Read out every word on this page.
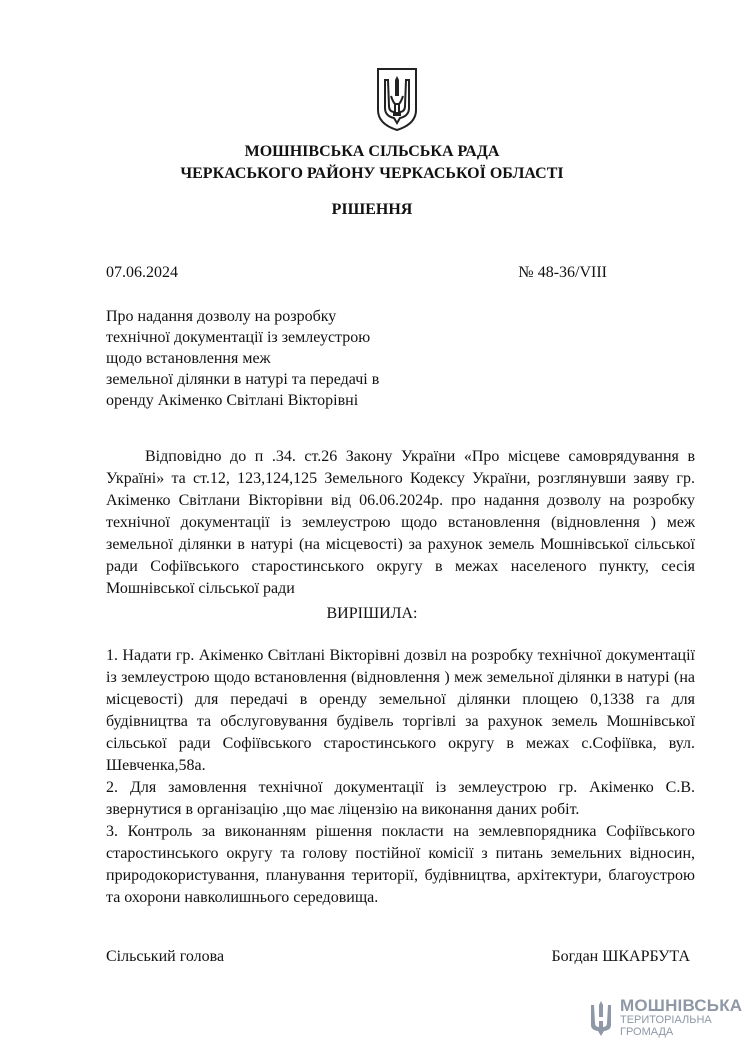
МОШНІВСЬКА СІЛЬСЬКА РАДА
ЧЕРКАСЬКОГО РАЙОНУ ЧЕРКАСЬКОЇ ОБЛАСТІ
РІШЕННЯ
07.06.2024	№ 48-36/VIII
Про надання дозволу на розробку
технічної документації із землеустрою
щодо встановлення меж
земельної ділянки в натурі та передачі в
оренду Акіменко Світлані Вікторівні
Відповідно до п .34. ст.26 Закону України «Про місцеве самоврядування в Україні» та ст.12, 123,124,125 Земельного Кодексу України, розглянувши заяву гр. Акіменко Світлани Вікторівни від 06.06.2024р. про надання дозволу на розробку технічної документації із землеустрою щодо встановлення (відновлення ) меж земельної ділянки в натурі (на місцевості) за рахунок земель Мошнівської сільської ради Софіївського старостинського округу в межах населеного пункту, сесія Мошнівської сільської ради
ВИРІШИЛА:

1. Надати гр. Акіменко Світлані Вікторівні дозвіл на розробку технічної документації із землеустрою щодо встановлення (відновлення ) меж земельної ділянки в натурі (на місцевості) для передачі в оренду земельної ділянки площею 0,1338 га для будівництва та обслуговування будівель торгівлі за рахунок земель Мошнівської сільської ради Софіївського старостинського округу в межах с.Софіївка, вул. Шевченка,58а.

2. Для замовлення технічної документації із землеустрою гр. Акіменко С.В. звернутися в організацію ,що має ліцензію на виконання даних робіт.

3. Контроль за виконанням рішення покласти на землевпорядника Софіївського старостинського округу та голову постійної комісії з питань земельних відносин, природокористування, планування території, будівництва, архітектури, благоустрою та охорони навколишнього середовища.

Сільський голова	Богдан ШКАРБУТА
МОШНІВСЬКА
ТЕРИТОРІАЛЬНА
ГРОМАДА
